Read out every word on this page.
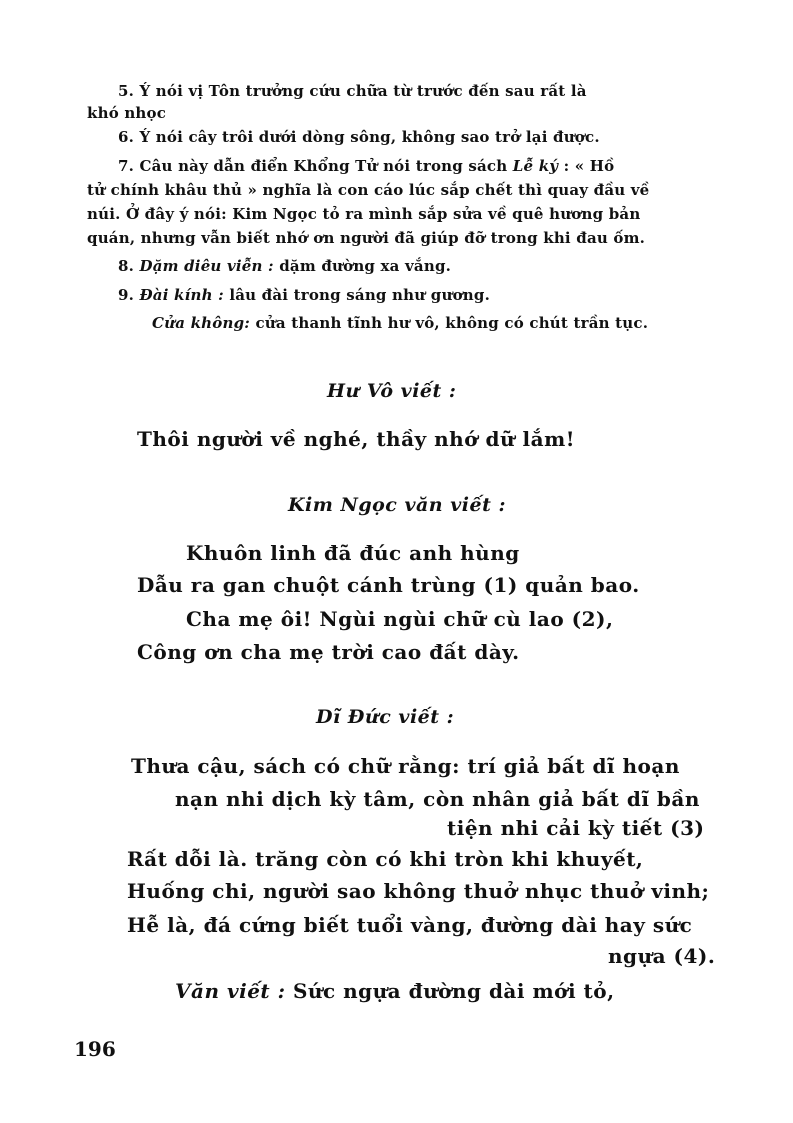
5. Ý nói vị Tôn trưởng cứu chữa từ trước đến sau rất là
khó nhọc
6. Ý nói cây trôi dưới dòng sông, không sao trở lại được.
7. Câu này dẫn điển Khổng Tử nói trong sách Lễ ký : « Hồ
tử chính khâu thủ » nghĩa là con cáo lúc sắp chết thì quay đầu về
núi. Ở đây ý nói: Kim Ngọc tỏ ra mình sắp sửa về quê hương bản
quán, nhưng vẫn biết nhớ ơn người đã giúp đỡ trong khi đau ốm.
8. Dặm diêu viễn : dặm đường xa vắng.
9. Đài kính : lâu đài trong sáng như gương.
Cửa không: cửa thanh tĩnh hư vô, không có chút trần tục.
Hư Vô viết :
Thôi người về nghé, thầy nhớ dữ lắm!
Kim Ngọc văn viết :
Khuôn linh đã đúc anh hùng
Dẫu ra gan chuột cánh trùng (1) quản bao.
Cha mẹ ôi! Ngùi ngùi chữ cù lao (2),
Công ơn cha mẹ trời cao đất dày.
Dĩ Đức viết :
Thưa cậu, sách có chữ rằng: trí giả bất dĩ hoạn
nạn nhi dịch kỳ tâm, còn nhân giả bất dĩ bần
tiện nhi cải kỳ tiết (3)
Rất dỗi là. trăng còn có khi tròn khi khuyết,
Huống chi, người sao không thuở nhục thuở vinh;
Hễ là, đá cứng biết tuổi vàng, đường dài hay sức
ngựa (4).
Văn viết : Sức ngựa đường dài mới tỏ,
196
